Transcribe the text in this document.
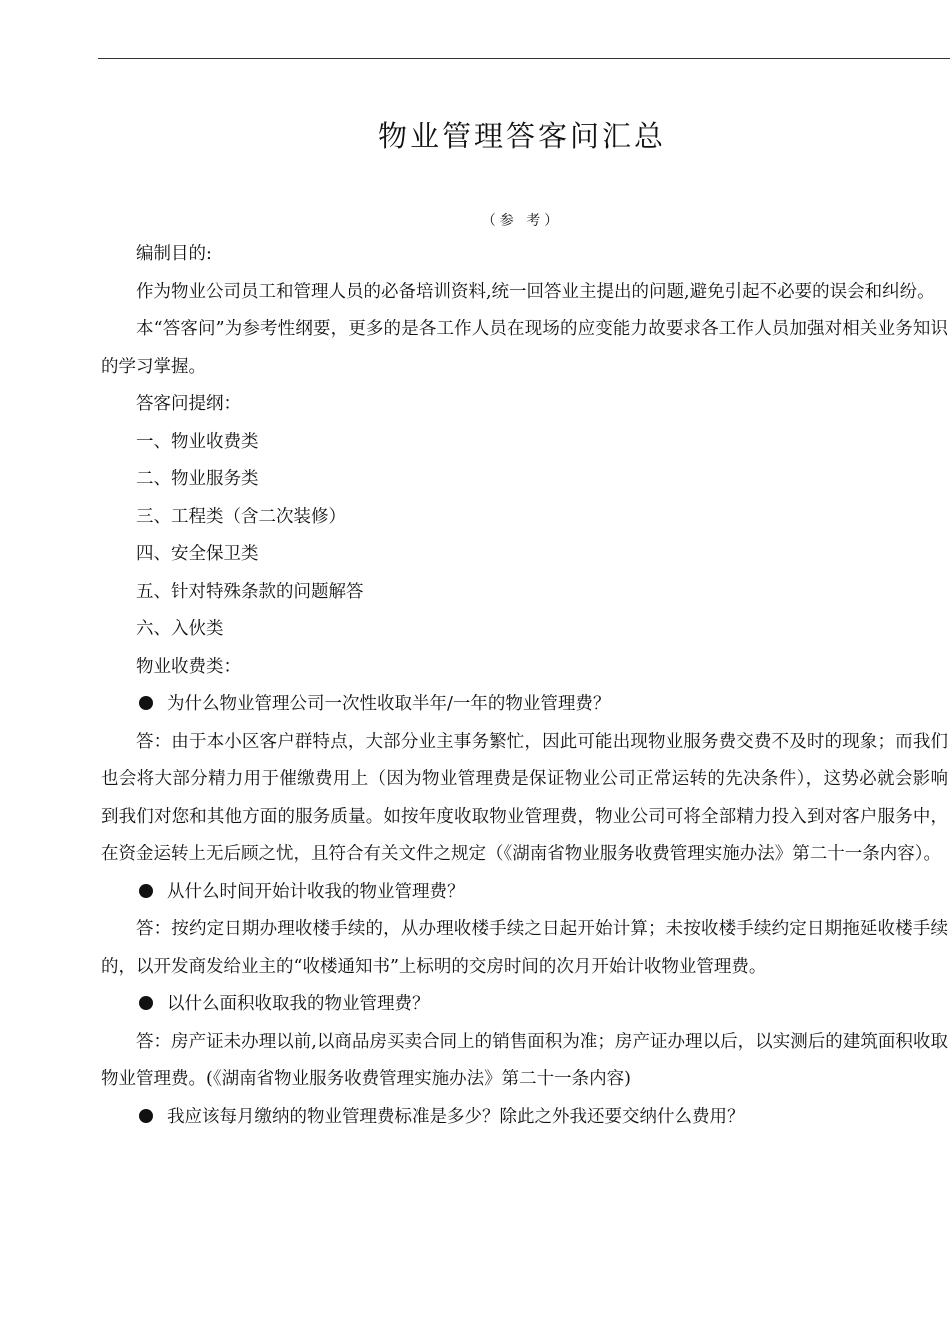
物业管理答客问汇总
（参 考）
编制目的:
作为物业公司员工和管理人员的必备培训资料,统一回答业主提出的问题,避免引起不必要的误会和纠纷。
本“答客问”为参考性纲要，更多的是各工作人员在现场的应变能力故要求各工作人员加强对相关业务知识的学习掌握。
答客问提纲：
一、物业收费类
二、物业服务类
三、工程类（含二次装修）
四、安全保卫类
五、针对特殊条款的问题解答
六、入伙类
物业收费类：
为什么物业管理公司一次性收取半年/一年的物业管理费？
答：由于本小区客户群特点，大部分业主事务繁忙，因此可能出现物业服务费交费不及时的现象；而我们也会将大部分精力用于催缴费用上（因为物业管理费是保证物业公司正常运转的先决条件），这势必就会影响到我们对您和其他方面的服务质量。如按年度收取物业管理费，物业公司可将全部精力投入到对客户服务中，在资金运转上无后顾之忧，且符合有关文件之规定（《湖南省物业服务收费管理实施办法》第二十一条内容）。
从什么时间开始计收我的物业管理费？
答：按约定日期办理收楼手续的，从办理收楼手续之日起开始计算；未按收楼手续约定日期拖延收楼手续的，以开发商发给业主的“收楼通知书”上标明的交房时间的次月开始计收物业管理费。
以什么面积收取我的物业管理费？
答：房产证未办理以前,以商品房买卖合同上的销售面积为准；房产证办理以后，以实测后的建筑面积收取物业管理费。(《湖南省物业服务收费管理实施办法》第二十一条内容)
我应该每月缴纳的物业管理费标准是多少？除此之外我还要交纳什么费用？
